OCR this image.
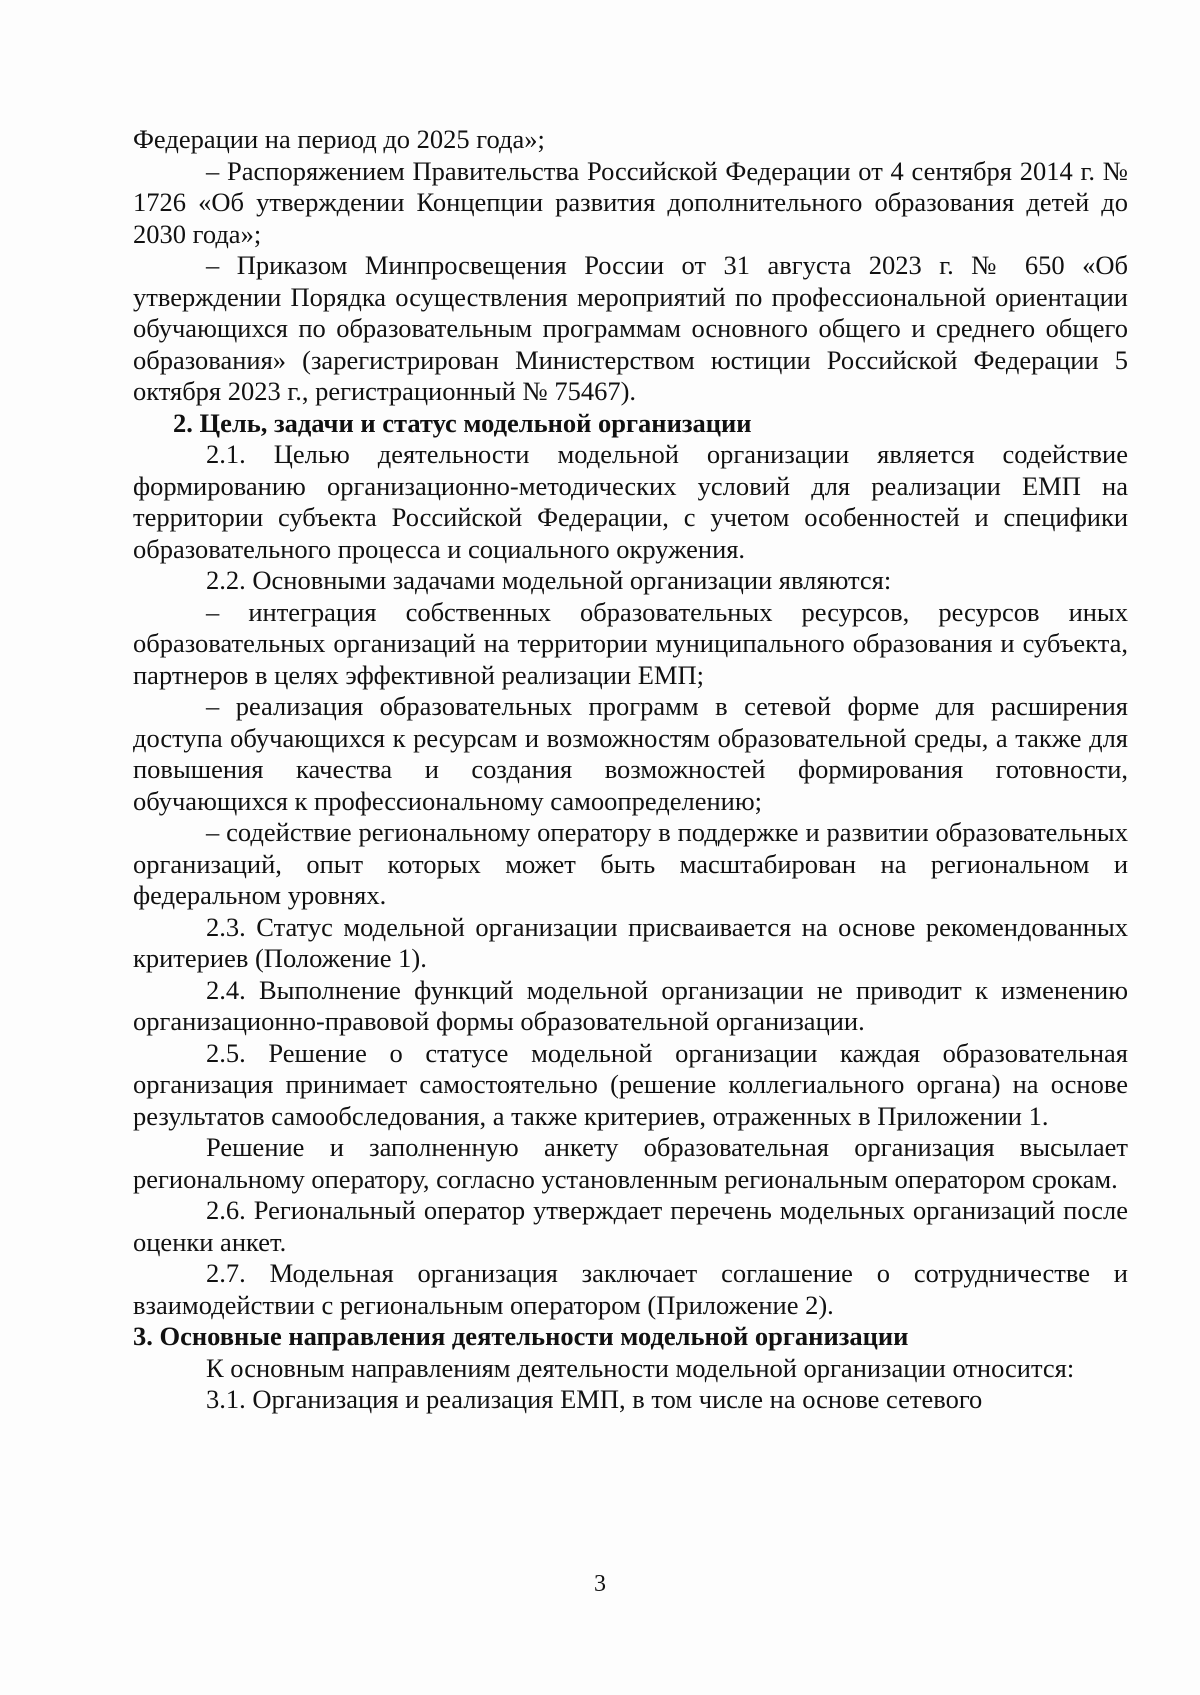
Федерации на период до 2025 года»;

– Распоряжением Правительства Российской Федерации от 4 сентября 2014 г. № 1726 «Об утверждении Концепции развития дополнительного образования детей до 2030 года»;

– Приказом Минпросвещения России от 31 августа 2023 г. № 650 «Об утверждении Порядка осуществления мероприятий по профессиональной ориентации обучающихся по образовательным программам основного общего и среднего общего образования» (зарегистрирован Министерством юстиции Российской Федерации 5 октября 2023 г., регистрационный № 75467).

2. Цель, задачи и статус модельной организации

2.1. Целью деятельности модельной организации является содействие формированию организационно-методических условий для реализации ЕМП на территории субъекта Российской Федерации, с учетом особенностей и специфики образовательного процесса и социального окружения.

2.2. Основными задачами модельной организации являются:

– интеграция собственных образовательных ресурсов, ресурсов иных образовательных организаций на территории муниципального образования и субъекта, партнеров в целях эффективной реализации ЕМП;

– реализация образовательных программ в сетевой форме для расширения доступа обучающихся к ресурсам и возможностям образовательной среды, а также для повышения качества и создания возможностей формирования готовности, обучающихся к профессиональному самоопределению;

– содействие региональному оператору в поддержке и развитии образовательных организаций, опыт которых может быть масштабирован на региональном и федеральном уровнях.

2.3. Статус модельной организации присваивается на основе рекомендованных критериев (Положение 1).

2.4. Выполнение функций модельной организации не приводит к изменению организационно-правовой формы образовательной организации.

2.5. Решение о статусе модельной организации каждая образовательная организация принимает самостоятельно (решение коллегиального органа) на основе результатов самообследования, а также критериев, отраженных в Приложении 1.

Решение и заполненную анкету образовательная организация высылает региональному оператору, согласно установленным региональным оператором срокам.

2.6. Региональный оператор утверждает перечень модельных организаций после оценки анкет.

2.7. Модельная организация заключает соглашение о сотрудничестве и взаимодействии с региональным оператором (Приложение 2).

3. Основные направления деятельности модельной организации

К основным направлениям деятельности модельной организации относится:

3.1. Организация и реализация ЕМП, в том числе на основе сетевого

3
